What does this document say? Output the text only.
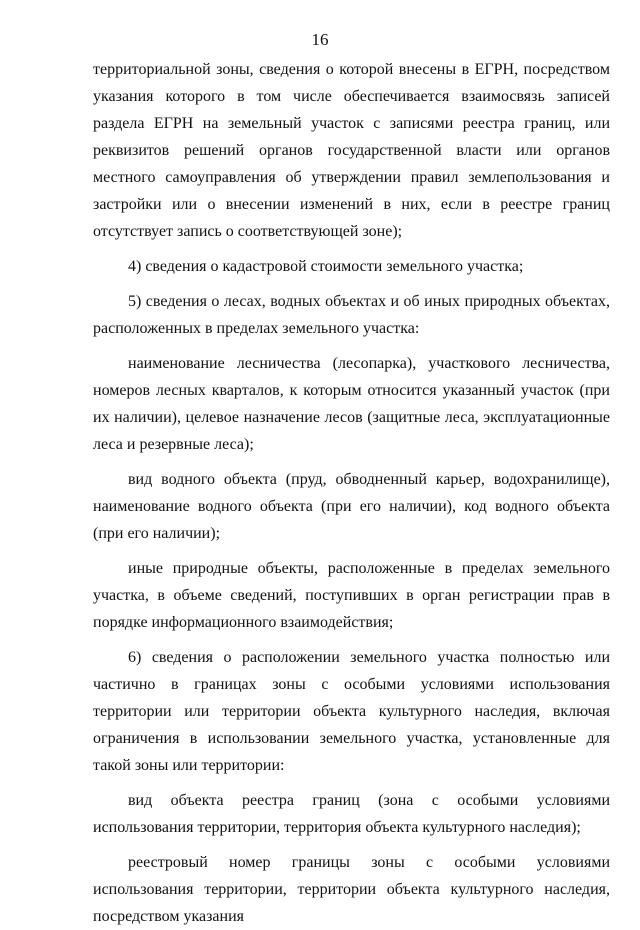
16

территориальной зоны, сведения о которой внесены в ЕГРН, посредством указания которого в том числе обеспечивается взаимосвязь записей раздела ЕГРН на земельный участок с записями реестра границ, или реквизитов решений органов государственной власти или органов местного самоуправления об утверждении правил землепользования и застройки или о внесении изменений в них, если в реестре границ отсутствует запись о соответствующей зоне);

4) сведения о кадастровой стоимости земельного участка;

5) сведения о лесах, водных объектах и об иных природных объектах, расположенных в пределах земельного участка:

наименование лесничества (лесопарка), участкового лесничества, номеров лесных кварталов, к которым относится указанный участок (при их наличии), целевое назначение лесов (защитные леса, эксплуатационные леса и резервные леса);

вид водного объекта (пруд, обводненный карьер, водохранилище), наименование водного объекта (при его наличии), код водного объекта (при его наличии);

иные природные объекты, расположенные в пределах земельного участка, в объеме сведений, поступивших в орган регистрации прав в порядке информационного взаимодействия;

6) сведения о расположении земельного участка полностью или частично в границах зоны с особыми условиями использования территории или территории объекта культурного наследия, включая ограничения в использовании земельного участка, установленные для такой зоны или территории:

вид объекта реестра границ (зона с особыми условиями использования территории, территория объекта культурного наследия);

реестровый номер границы зоны с особыми условиями использования территории, территории объекта культурного наследия, посредством указания
